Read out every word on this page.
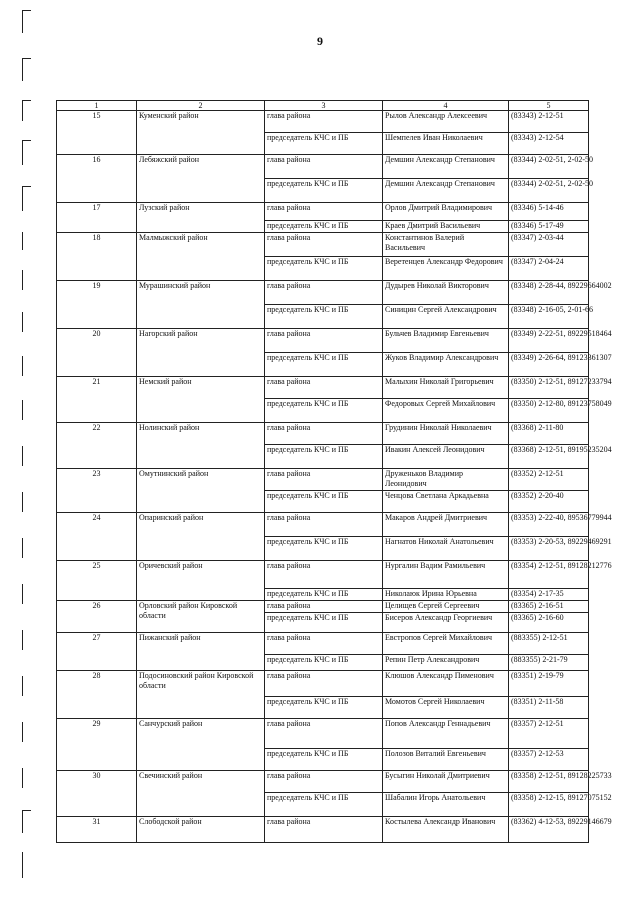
9
1	2	3	4	5
15	Куменский район	глава района	Рылов Александр Алексеевич	(83343) 2-12-51
		председатель КЧС и ПБ	Шемпелев Иван Николаевич	(83343) 2-12-54
16	Лебяжский район	глава района	Демшин Александр Степанович	(83344) 2-02-51, 2-02-50
		председатель КЧС и ПБ	Демшин Александр Степанович	(83344) 2-02-51, 2-02-50
17	Лузский район	глава района	Орлов Дмитрий Владимирович	(83346) 5-14-46
		председатель КЧС и ПБ	Краев Дмитрий Васильевич	(83346) 5-17-49
18	Малмыжский район	глава района	Константинов Валерий Васильевич	(83347) 2-03-44
		председатель КЧС и ПБ	Веретенцев Александр Федорович	(83347) 2-04-24
19	Мурашинский район	глава района	Дудырев Николай Викторович	(83348) 2-28-44, 89229664002
		председатель КЧС и ПБ	Синицин Сергей Александрович	(83348) 2-16-05, 2-01-66
20	Нагорский район	глава района	Бульчев Владимир Евгеньевич	(83349) 2-22-51, 89229518464
		председатель КЧС и ПБ	Жуков Владимир Александрович	(83349) 2-26-64, 89123361307
21	Немский район	глава района	Малыхин Николай Григорьевич	(83350) 2-12-51, 89127233794
		председатель КЧС и ПБ	Федоровых Сергей Михайлович	(83350) 2-12-80, 89123758049
22	Нолинский район	глава района	Грудинин Николай Николаевич	(83368) 2-11-80
		председатель КЧС и ПБ	Ивакин Алексей Леонидович	(83368) 2-12-51, 89195235204
23	Омутнинский район	глава района	Друженьков Владимир Леонидович	(83352) 2-12-51
		председатель КЧС и ПБ	Ченцова Светлана Аркадьевна	(83352) 2-20-40
24	Опаринский район	глава района	Макаров Андрей Дмитриевич	(83353) 2-22-40, 89536779944
		председатель КЧС и ПБ	Нагнатов Николай Анатольевич	(83353) 2-20-53, 89229469291
25	Оричевский район	глава района	Нургалин Вадим Рамильевич	(83354) 2-12-51, 89128212776
		председатель КЧС и ПБ	Николаюк Ирина Юрьевна	(83354) 2-17-35
26	Орловский район Кировской области	глава района	Целищев Сергей Сергеевич	(83365) 2-16-51
		председатель КЧС и ПБ	Бисеров Александр Георгиевич	(83365) 2-16-60
27	Пижанский район	глава района	Евстропов Сергей Михайлович	(883355) 2-12-51
		председатель КЧС и ПБ	Репин Петр Александрович	(883355) 2-21-79
28	Подосиновский район Кировской области	глава района	Клюшов Александр Пименович	(83351) 2-19-79
		председатель КЧС и ПБ	Момотов Сергей Николаевич	(83351) 2-11-58
29	Санчурский район	глава района	Попов Александр Геннадьевич	(83357) 2-12-51
		председатель КЧС и ПБ	Полозов Виталий Евгеньевич	(83357) 2-12-53
30	Свечинский район	глава района	Бусыгин Николай Дмитриевич	(83358) 2-12-51, 89128225733
		председатель КЧС и ПБ	Шабалин Игорь Анатольевич	(83358) 2-12-15, 89127075152
31	Слободской район	глава района	Костылева Александр Иванович	(83362) 4-12-53, 89229146679
